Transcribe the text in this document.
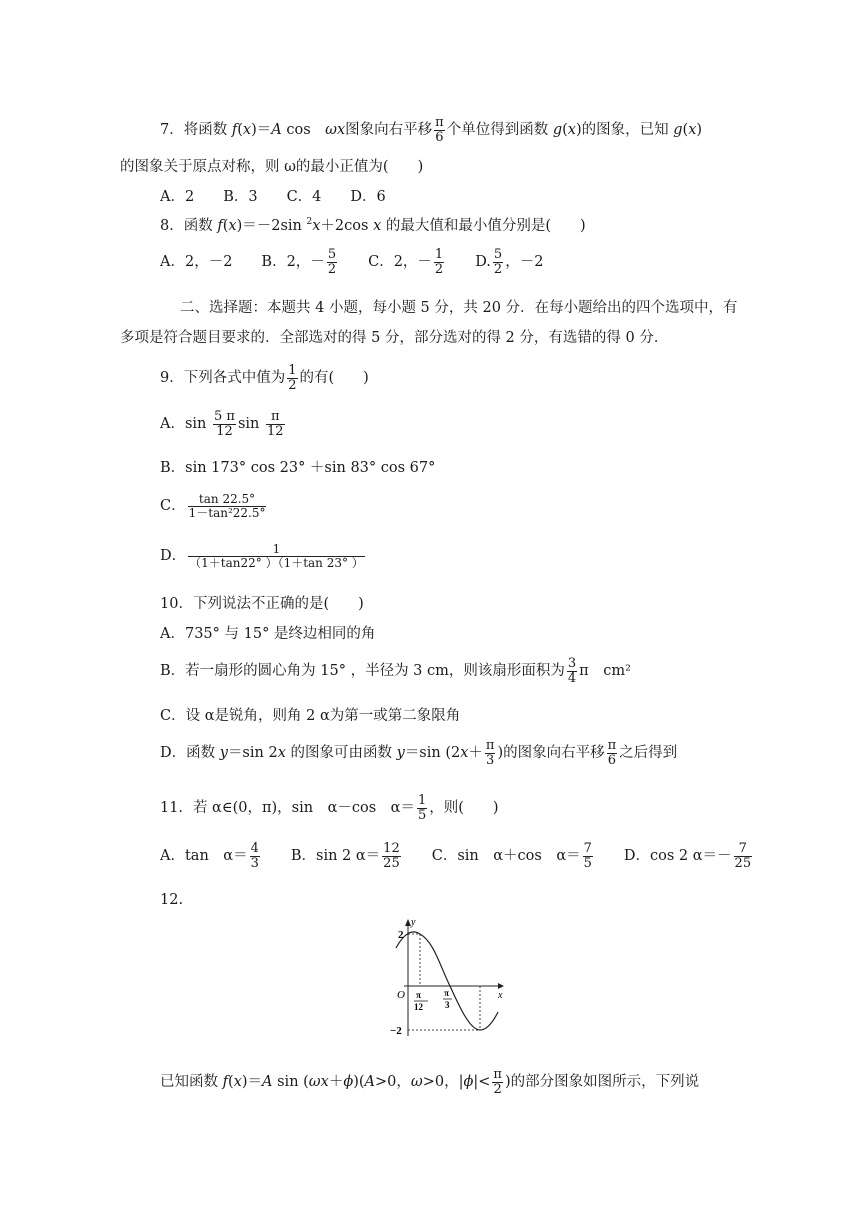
7．将函数 f(x)＝A cos　ωx图象向右平移 $\frac{\pi}{6}$ 个单位得到函数 g(x)的图象，已知 g(x)
的图象关于原点对称，则 ω的最小正值为(　　)
A．2　　B．3　　C．4　　D．6
8．函数 f(x)＝－2sin $^2$x＋2cos x 的最大值和最小值分别是(　　)
A．2，－2　　B．2，－ $\frac{5}{2}$ 　　C．2，－ $\frac{1}{2}$ 　　D. $\frac{5}{2}$ ，－2
二、选择题：本题共 4 小题，每小题 5 分，共 20 分．在每小题给出的四个选项中，有
多项是符合题目要求的．全部选对的得 5 分，部分选对的得 2 分，有选错的得 0 分．
9．下列各式中值为 $\frac{1}{2}$ 的有(　　)
A．$\sin \frac{5 \pi}{12}$ $\sin \frac{\pi}{12}$
B．sin 173° cos 23° ＋sin 83° cos 67°
C． $\frac{\tan 22.5^\circ}{\text{1－tan²22.5°}}$
D． $\frac{1}{(1+\tan 22^\circ )(1+\tan 23^\circ )}$
10．下列说法不正确的是(　　)
A．735° 与 15° 是终边相同的角
B．若一扇形的圆心角为 15° ，半径为 3 cm，则该扇形面积为 $\frac{3}{4}$ π　cm²
C．设 α是锐角，则角 2 α为第一或第二象限角
D．函数 y＝sin 2x 的图象可由函数 y＝sin ($2x+ \frac{\pi}{3}$ )的图象向右平移 $\frac{\pi}{6}$ 之后得到
11．若 α∈(0，π)，sin　α－cos　$\alpha= \frac{1}{5}$ ，则(　　)
A．tan　$\alpha= \frac{4}{3}$ 　　B．sin 2 $\alpha= \frac{12}{25}$ 　　C．sin　α＋cos　$\alpha= \frac{7}{5}$ 　　D．cos 2 $\alpha=- \frac{7}{25}$
12.
y
x
O
2
−2
π
12
π
3
已知函数 f(x)＝A sin (ωx＋ϕ)(A>0，ω>0，$|\phi|< \frac{\pi}{2}$ )的部分图象如图所示，下列说
